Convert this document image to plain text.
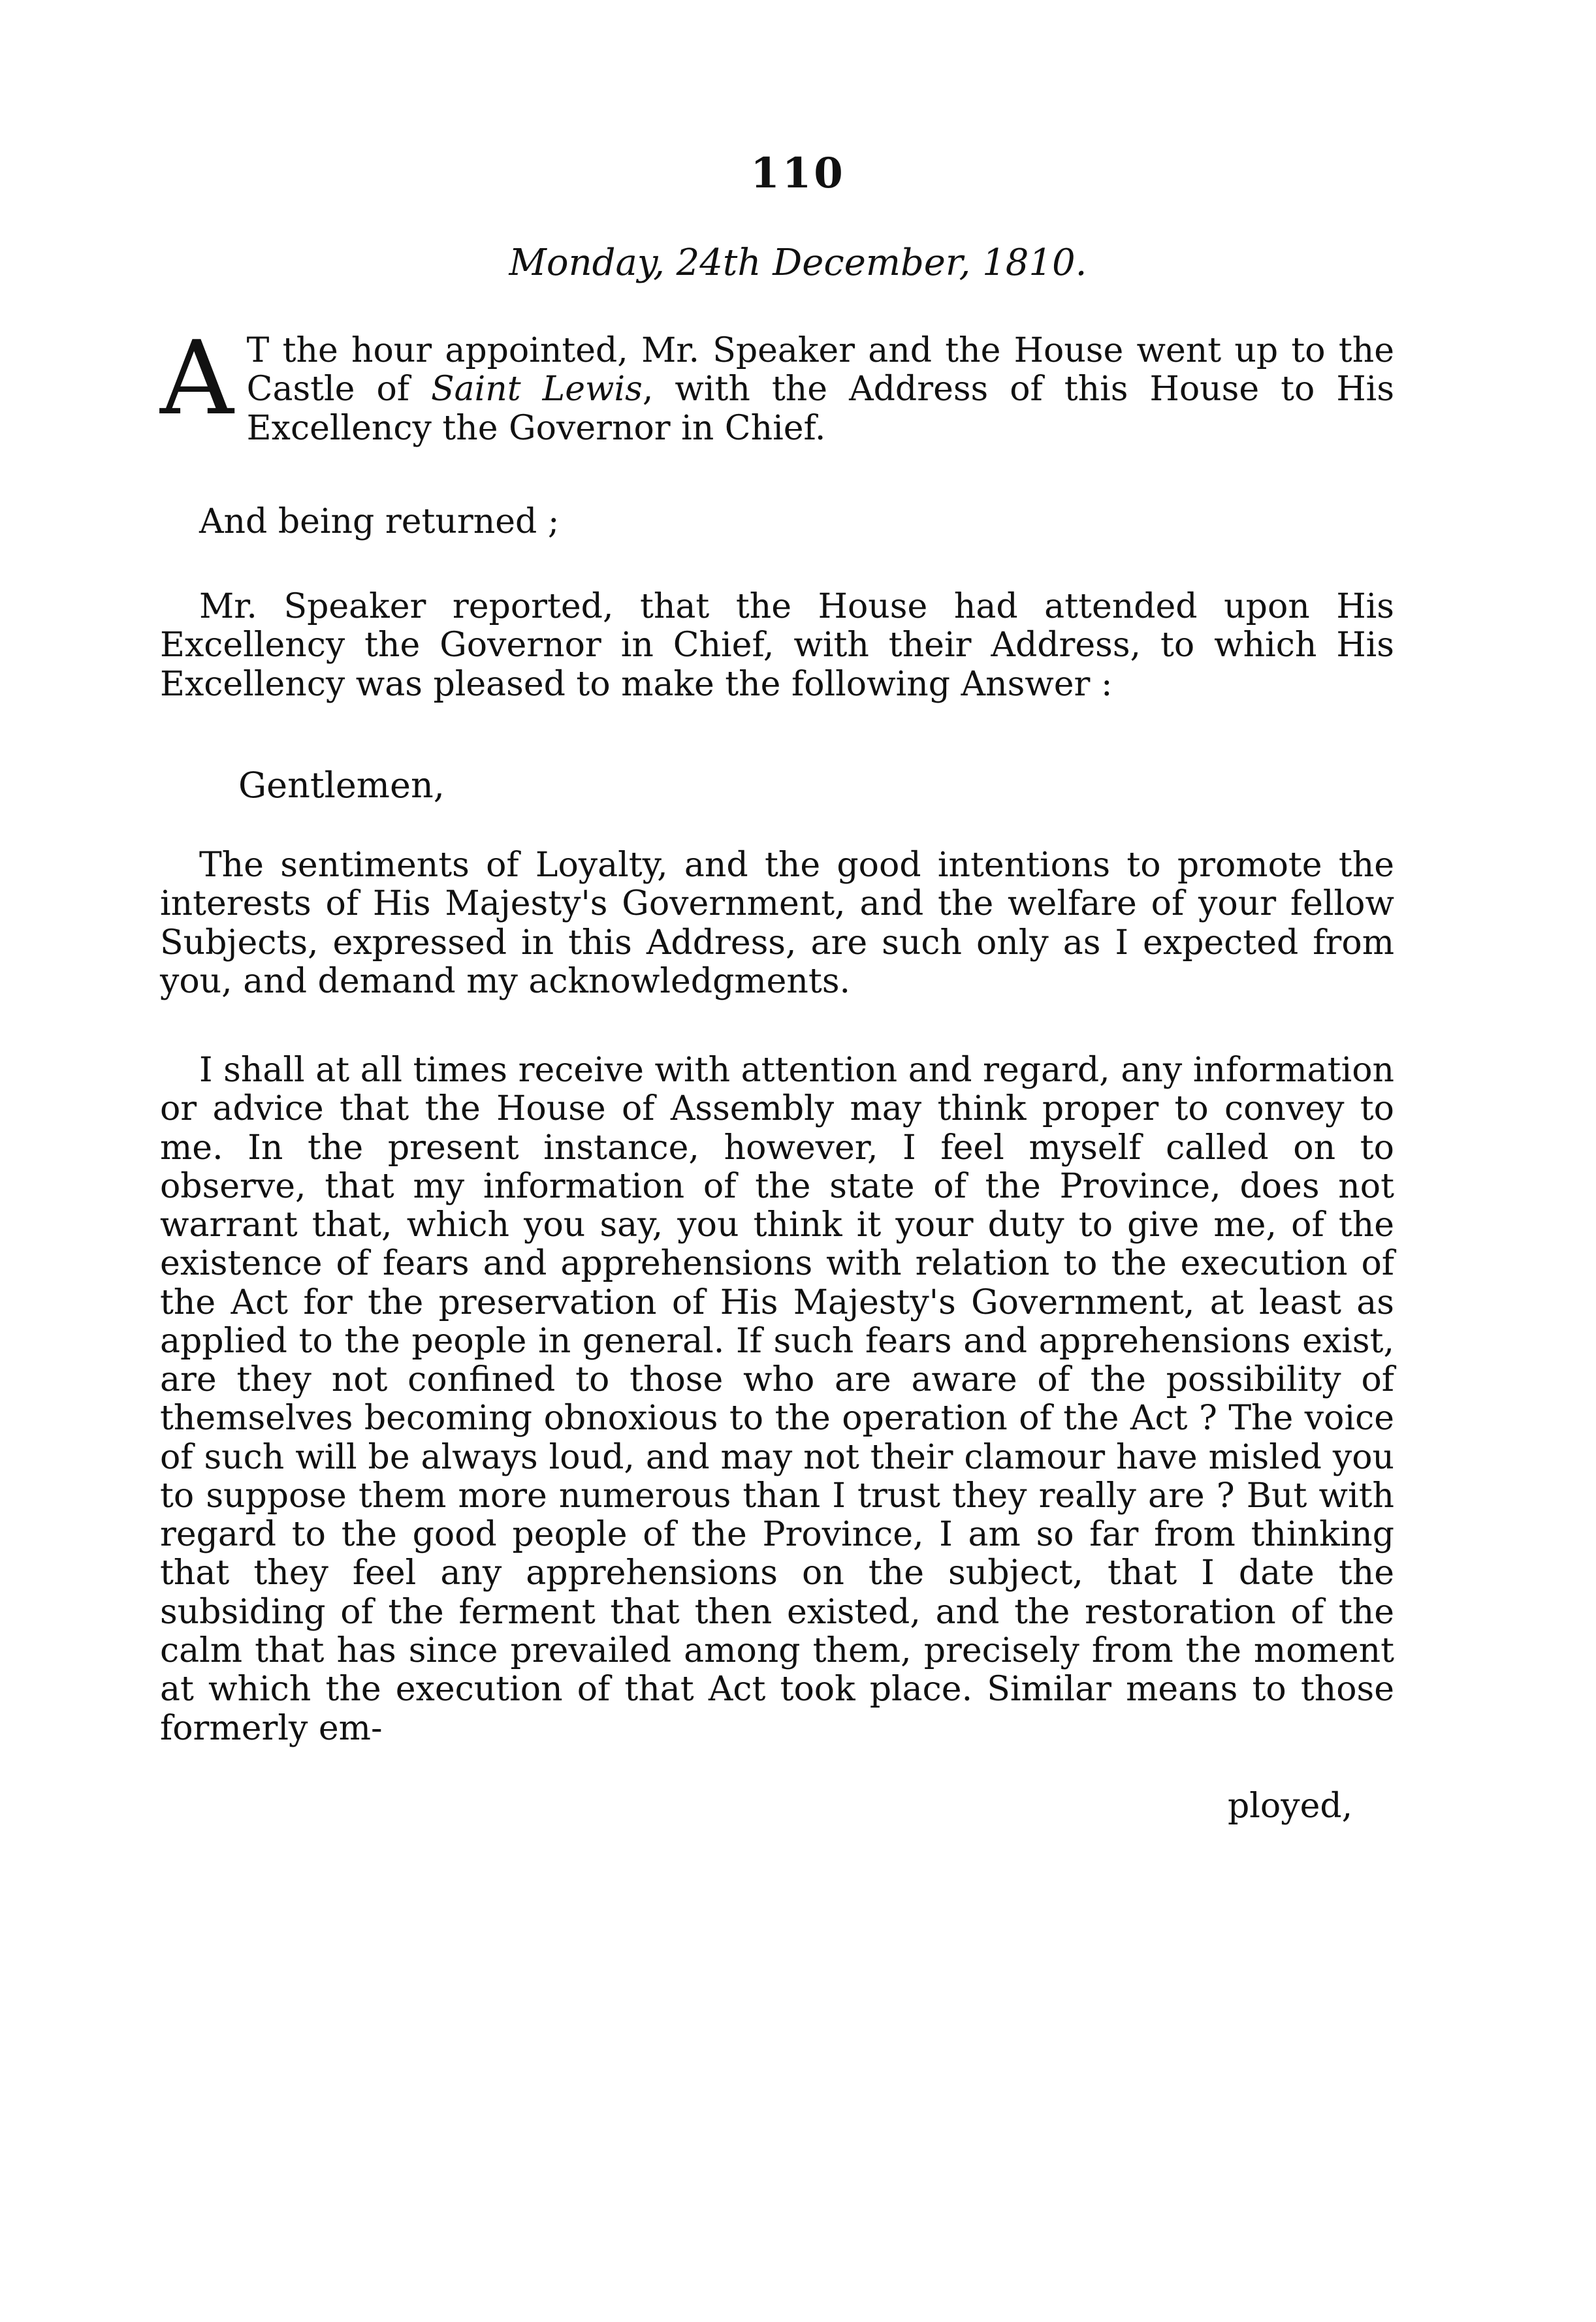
110
Monday, 24th December, 1810.

A T the hour appointed, Mr. Speaker and the House went up to the Castle of Saint Lewis, with the Address of this House to His Excellency the Governor in Chief.

And being returned ;

Mr. Speaker reported, that the House had attended upon His Excellency the Governor in Chief, with their Address, to which His Excellency was pleased to make the following Answer :

Gentlemen,

The sentiments of Loyalty, and the good intentions to promote the interests of His Majesty's Government, and the welfare of your fellow Subjects, expressed in this Address, are such only as I expected from you, and demand my acknowledgments.

I shall at all times receive with attention and regard, any information or advice that the House of Assembly may think proper to convey to me. In the present instance, however, I feel myself called on to observe, that my information of the state of the Province, does not warrant that, which you say, you think it your duty to give me, of the existence of fears and apprehensions with relation to the execution of the Act for the preservation of His Majesty's Government, at least as applied to the people in general. If such fears and apprehensions exist, are they not confined to those who are aware of the possibility of themselves becoming obnoxious to the operation of the Act ? The voice of such will be always loud, and may not their clamour have misled you to suppose them more numerous than I trust they really are ? But with regard to the good people of the Province, I am so far from thinking that they feel any apprehensions on the subject, that I date the subsiding of the ferment that then existed, and the restoration of the calm that has since prevailed among them, precisely from the moment at which the execution of that Act took place. Similar means to those formerly em-

ployed,
